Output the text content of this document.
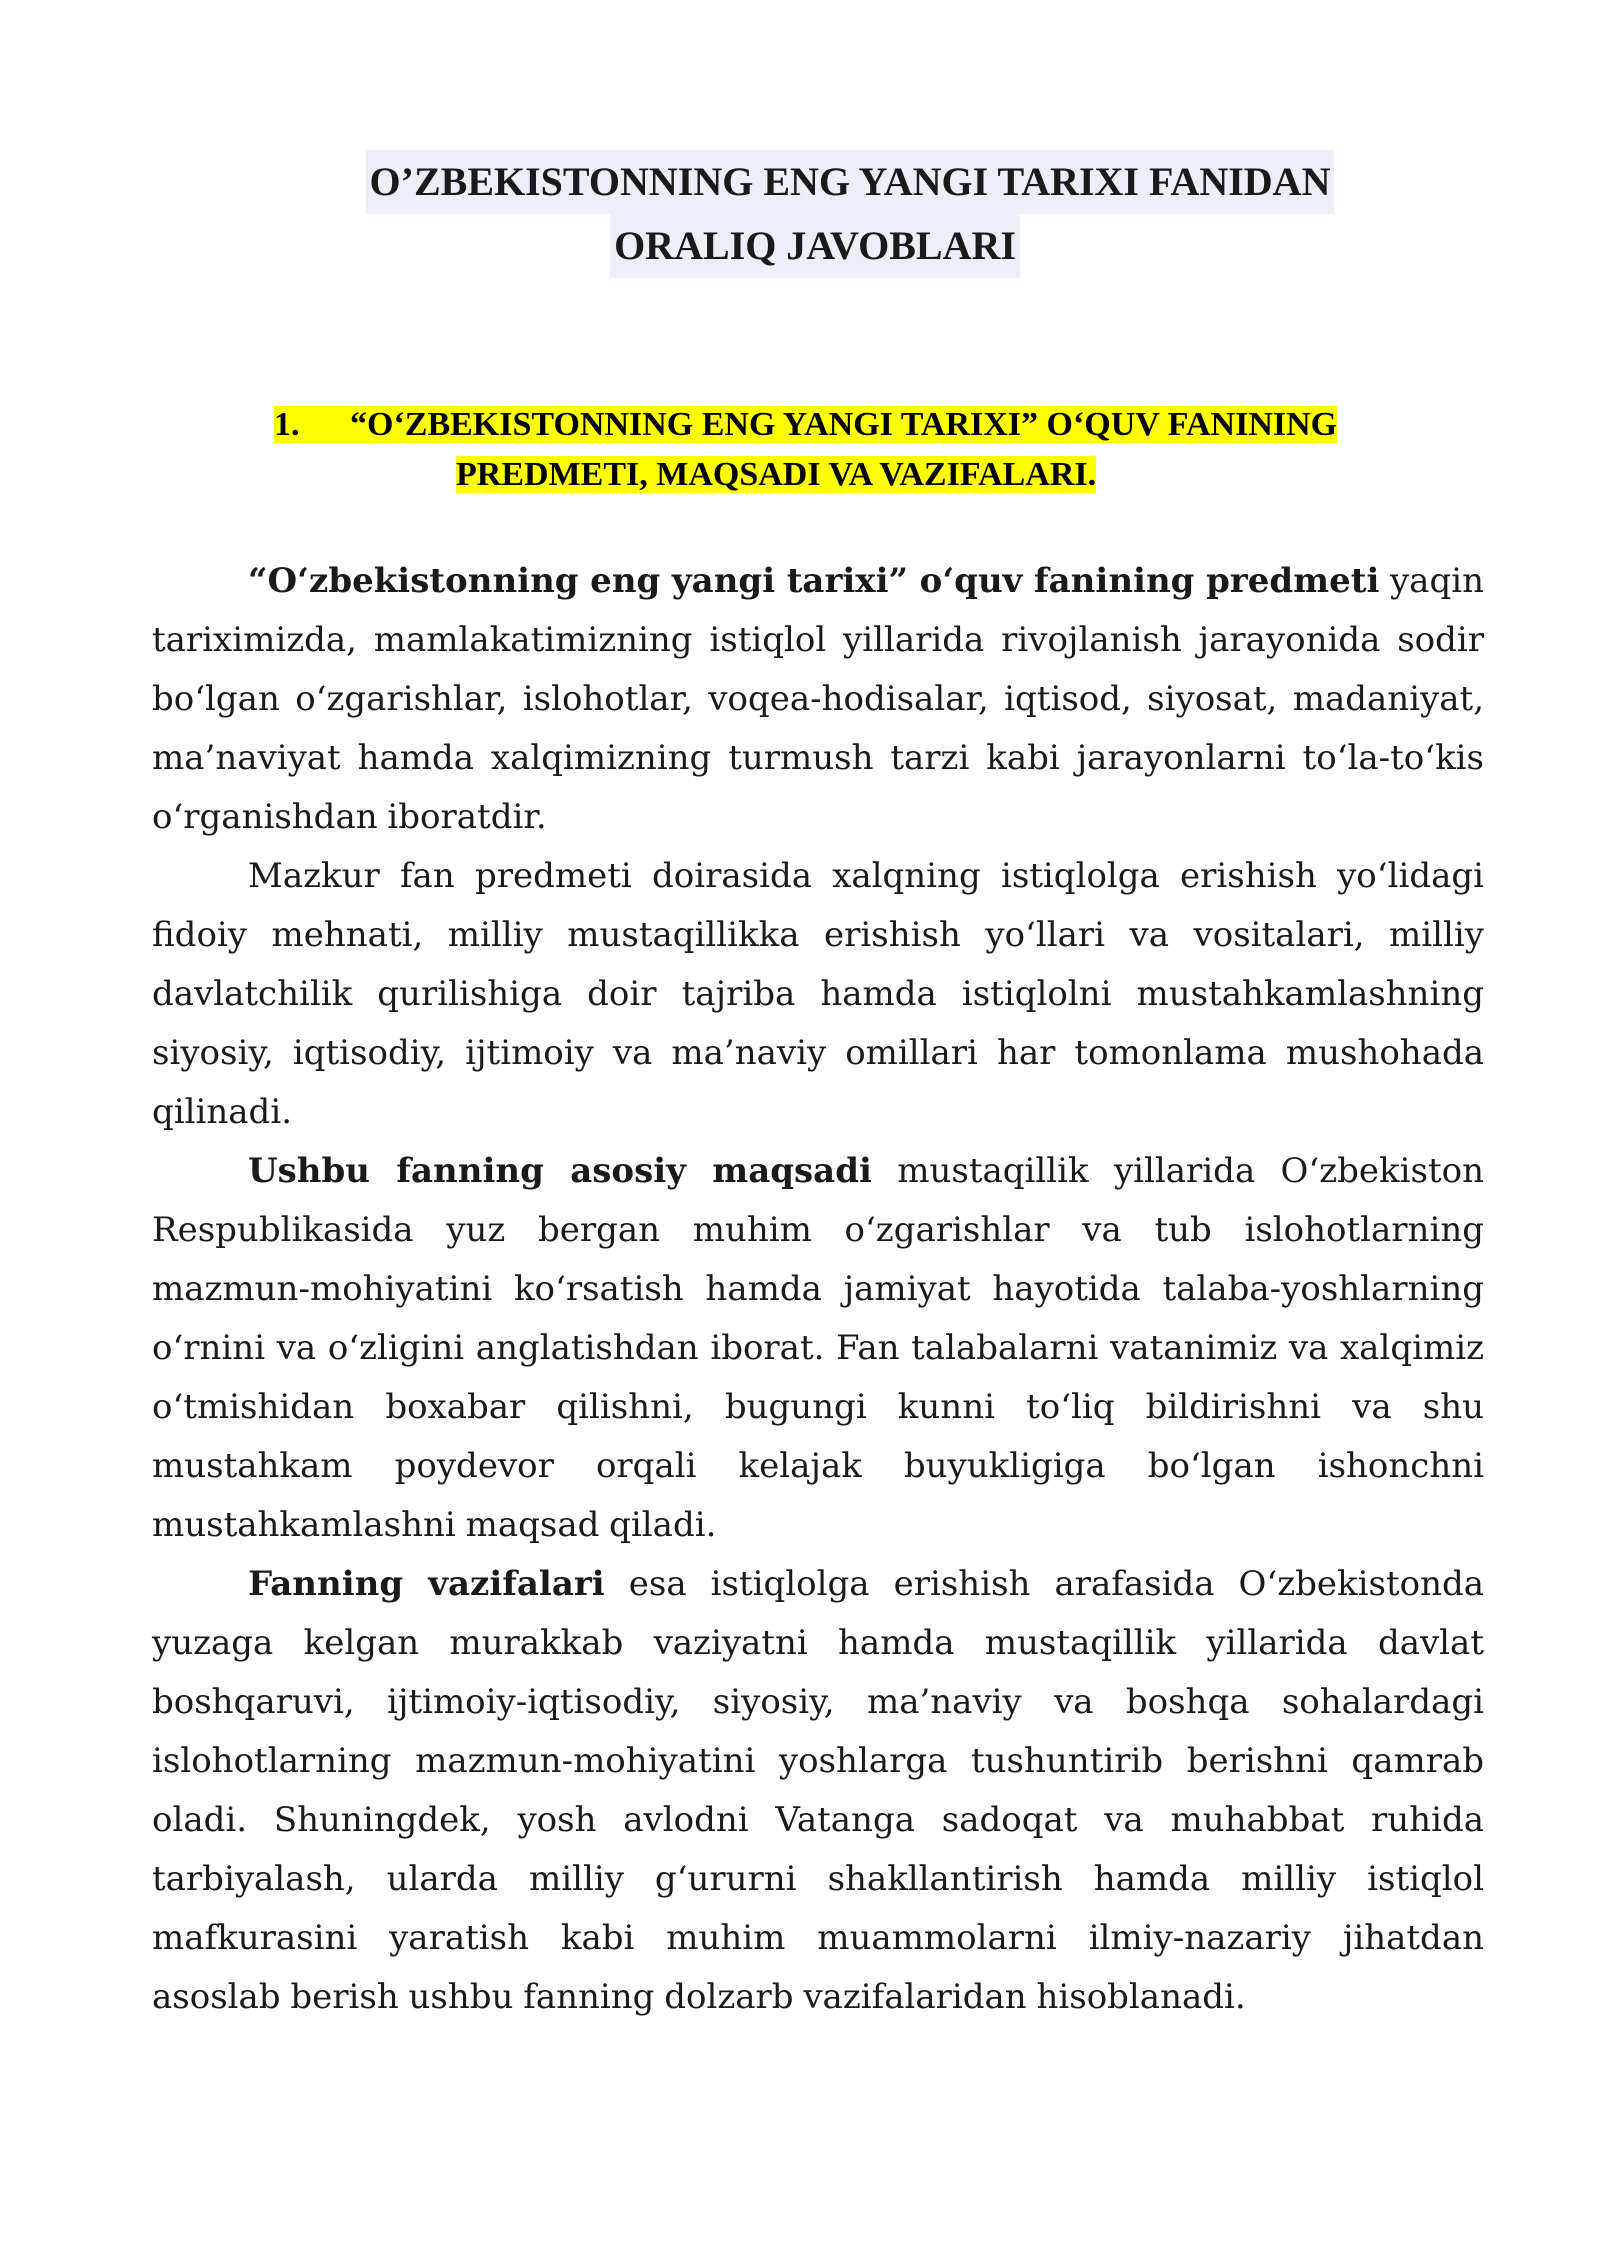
O’ZBEKISTONNING ENG YANGI TARIXI FANIDAN
ORALIQ JAVOBLARI
1. “O‘ZBEKISTONNING ENG YANGI TARIXI” O‘QUV FANINING
PREDMETI, MAQSADI VA VAZIFALARI.

“O‘zbekistonning eng yangi tarixi” o‘quv fanining predmeti yaqin tariximizda, mamlakatimizning istiqlol yillarida rivojlanish jarayonida sodir bo‘lgan o‘zgarishlar, islohotlar, voqea-hodisalar, iqtisod, siyosat, madaniyat, ma’naviyat hamda xalqimizning turmush tarzi kabi jarayonlarni to‘la-to‘kis o‘rganishdan iboratdir.

Mazkur fan predmeti doirasida xalqning istiqlolga erishish yo‘lidagi fidoiy mehnati, milliy mustaqillikka erishish yo‘llari va vositalari, milliy davlatchilik qurilishiga doir tajriba hamda istiqlolni mustahkamlashning siyosiy, iqtisodiy, ijtimoiy va ma’naviy omillari har tomonlama mushohada qilinadi.

Ushbu fanning asosiy maqsadi mustaqillik yillarida O‘zbekiston Respublikasida yuz bergan muhim o‘zgarishlar va tub islohotlarning mazmun-mohiyatini ko‘rsatish hamda jamiyat hayotida talaba-yoshlarning o‘rnini va o‘zligini anglatishdan iborat. Fan talabalarni vatanimiz va xalqimiz o‘tmishidan boxabar qilishni, bugungi kunni to‘liq bildirishni va shu mustahkam poydevor orqali kelajak buyukligiga bo‘lgan ishonchni mustahkamlashni maqsad qiladi.

Fanning vazifalari esa istiqlolga erishish arafasida O‘zbekistonda yuzaga kelgan murakkab vaziyatni hamda mustaqillik yillarida davlat boshqaruvi, ijtimoiy-iqtisodiy, siyosiy, ma’naviy va boshqa sohalardagi islohotlarning mazmun-mohiyatini yoshlarga tushuntirib berishni qamrab oladi. Shuningdek, yosh avlodni Vatanga sadoqat va muhabbat ruhida tarbiyalash, ularda milliy g‘ururni shakllantirish hamda milliy istiqlol mafkurasini yaratish kabi muhim muammolarni ilmiy-nazariy jihatdan asoslab berish ushbu fanning dolzarb vazifalaridan hisoblanadi.
